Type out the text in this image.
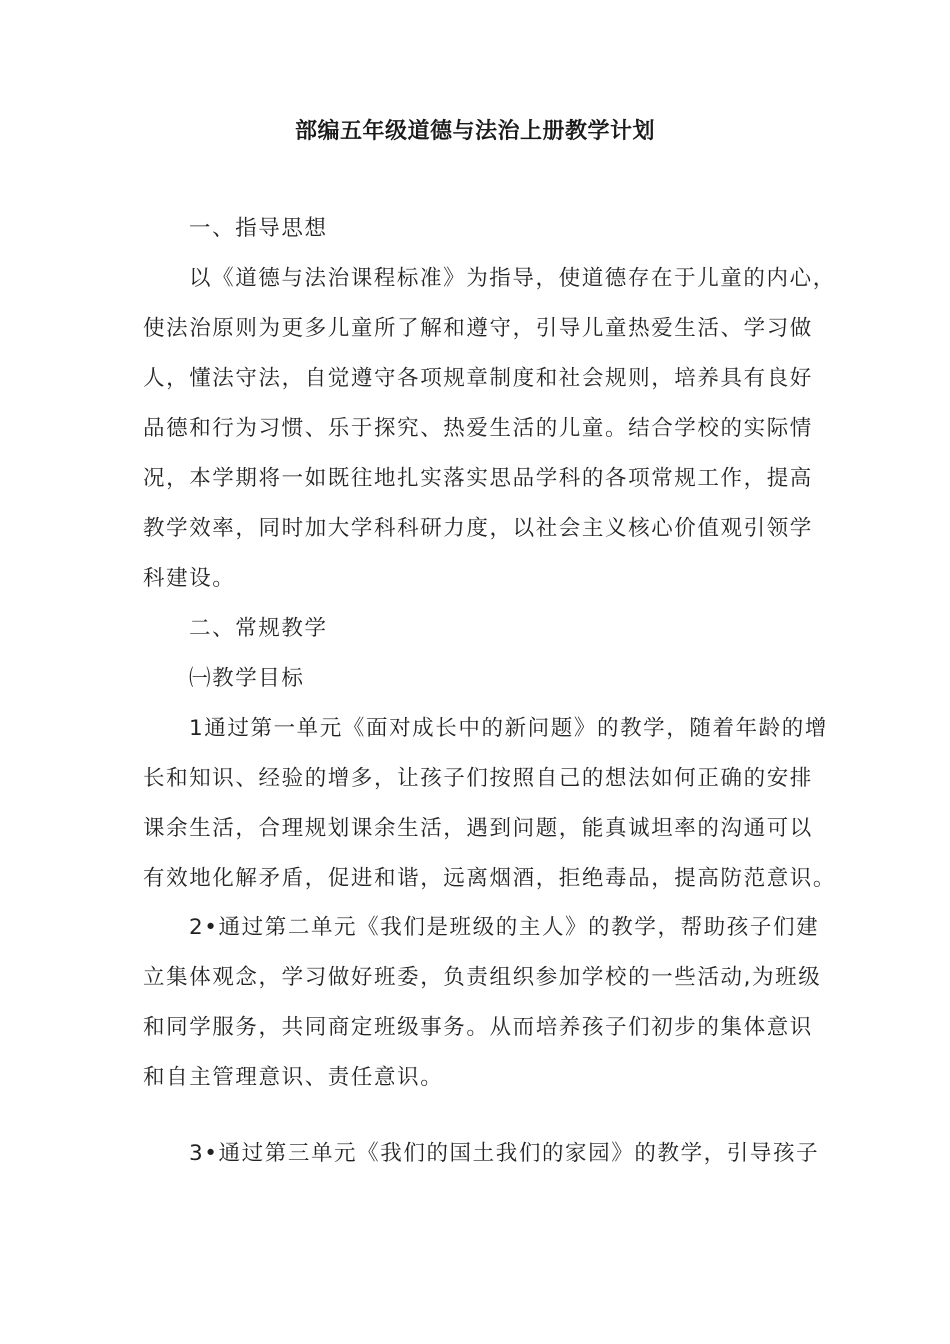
部编五年级道德与法治上册教学计划
一、指导思想
以《道德与法治课程标准》为指导，使道德存在于儿童的内心，
使法治原则为更多儿童所了解和遵守，引导儿童热爱生活、学习做
人，懂法守法，自觉遵守各项规章制度和社会规则，培养具有良好
品德和行为习惯、乐于探究、热爱生活的儿童。结合学校的实际情
况，本学期将一如既往地扎实落实思品学科的各项常规工作，提高
教学效率，同时加大学科科研力度，以社会主义核心价值观引领学
科建设。
二、常规教学
㈠教学目标
1通过第一单元《面对成长中的新问题》的教学，随着年龄的增
长和知识、经验的增多，让孩子们按照自己的想法如何正确的安排
课余生活，合理规划课余生活，遇到问题，能真诚坦率的沟通可以
有效地化解矛盾，促进和谐，远离烟酒，拒绝毒品，提高防范意识。
2•通过第二单元《我们是班级的主人》的教学，帮助孩子们建
立集体观念，学习做好班委，负责组织参加学校的一些活动,为班级
和同学服务，共同商定班级事务。从而培养孩子们初步的集体意识
和自主管理意识、责任意识。
3•通过第三单元《我们的国土我们的家园》的教学，引导孩子
